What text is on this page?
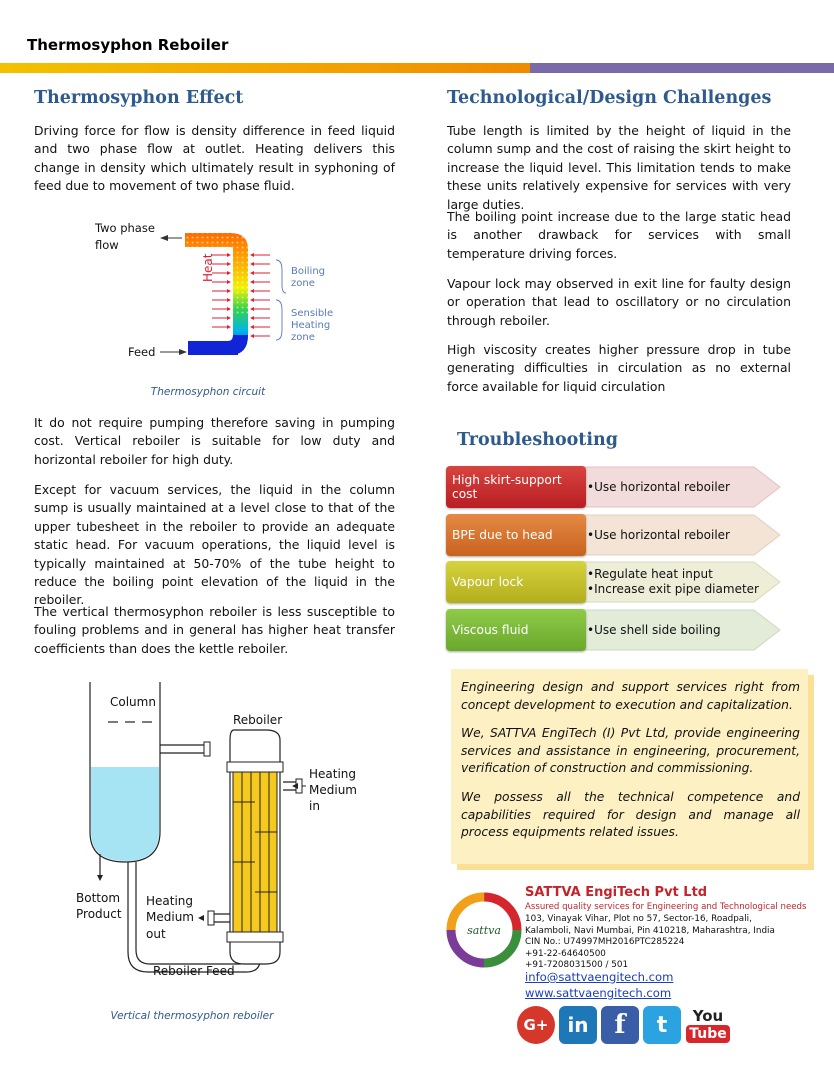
Thermosyphon Reboiler
Thermosyphon Effect

Driving force for flow is density difference in feed liquid and two phase flow at outlet. Heating delivers this change in density which ultimately result in syphoning of feed due to movement of two phase fluid.

Heat
Two phase
flow
Feed
Boiling
zone
Sensible
Heating
zone
Thermosyphon circuit

It do not require pumping therefore saving in pumping cost. Vertical reboiler is suitable for low duty and horizontal reboiler for high duty.

Except for vacuum services, the liquid in the column sump is usually maintained at a level close to that of the upper tubesheet in the reboiler to provide an adequate static head. For vacuum operations, the liquid level is typically maintained at 50-70% of the tube height to reduce the boiling point elevation of the liquid in the reboiler.

The vertical thermosyphon reboiler is less susceptible to fouling problems and in general has higher heat transfer coefficients than does the kettle reboiler.

Column
Reboiler
Heating
Medium
in
Bottom
Product
Heating
Medium
out
Reboiler Feed
Vertical thermosyphon reboiler
Technological/Design Challenges

Tube length is limited by the height of liquid in the column sump and the cost of raising the skirt height to increase the liquid level. This limitation tends to make these units relatively expensive for services with very large duties.

The boiling point increase due to the large static head is another drawback for services with small temperature driving forces.

Vapour lock may observed in exit line for faulty design or operation that lead to oscillatory or no circulation through reboiler.

High viscosity creates higher pressure drop in tube generating difficulties in circulation as no external force available for liquid circulation

Troubleshooting
High skirt-support cost
•Use horizontal reboiler
BPE due to head	•Use horizontal reboiler
Vapour lock
•Regulate heat input
•Increase exit pipe diameter
Viscous fluid	•Use shell side boiling

Engineering design and support services right from concept development to execution and capitalization.

We, SATTVA EngiTech (I) Pvt Ltd, provide engineering services and assistance in engineering, procurement, verification of construction and commissioning.

We possess all the technical competence and capabilities required for design and manage all process equipments related issues.

sattva
SATTVA EngiTech Pvt Ltd
Assured quality services for Engineering and Technological needs
103, Vinayak Vihar, Plot no 57, Sector-16, Roadpali,
Kalamboli, Navi Mumbai, Pin 410218, Maharashtra, India
CIN No.: U74997MH2016PTC285224
+91-22-64640500
+91-7208031500 / 501
info@sattvaengitech.com
www.sattvaengitech.com
G+ in f t You
Tube
